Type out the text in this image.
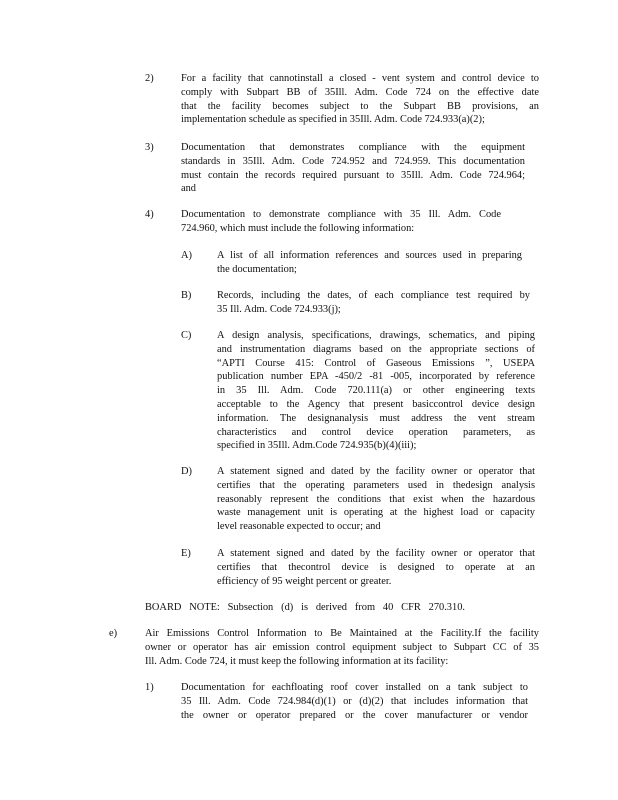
2)	For a facility that cannotinstall a closed - vent system and control device to
comply with Subpart BB of 35Ill. Adm. Code 724 on the effective date
that the facility becomes subject to the Subpart BB provisions, an
implementation schedule as specified in 35Ill. Adm. Code 724.933(a)(2);
3)	Documentation that demonstrates compliance with the equipment
standards in 35Ill. Adm. Code 724.952 and 724.959. This documentation
must contain the records required pursuant to 35Ill. Adm. Code 724.964;
and
4)	Documentation to demonstrate compliance with 35 Ill. Adm. Code
724.960, which must include the following information:
A) A list of all information references and sources used in preparing
the documentation;
B) Records, including the dates, of each compliance test required by
35 Ill. Adm. Code 724.933(j);
C) A design analysis, specifications, drawings, schematics, and piping
and instrumentation diagrams based on the appropriate sections of
“APTI Course 415: Control of Gaseous Emissions ”, USEPA
publication number EPA -450/2 -81 -005, incorporated by reference
in 35 Ill. Adm. Code 720.111(a) or other engineering texts
acceptable to the Agency that present basiccontrol device design
information. The designanalysis must address the vent stream
characteristics and control device operation parameters, as
specified in 35Ill. Adm.Code 724.935(b)(4)(iii);
D) A statement signed and dated by the facility owner or operator that
certifies that the operating parameters used in thedesign analysis
reasonably represent the conditions that exist when the hazardous
waste management unit is operating at the highest load or capacity
level reasonable expected to occur; and
E)	A statement signed and dated by the facility owner or operator that
certifies that thecontrol device is designed to operate at an
efficiency of 95 weight percent or greater.
BOARD NOTE: Subsection (d) is derived from 40 CFR 270.310.
e)	Air Emissions Control Information to Be Maintained at the Facility.If the facility
owner or operator has air emission control equipment subject to Subpart CC of 35
Ill. Adm. Code 724, it must keep the following information at its facility:
1)	Documentation for eachfloating roof cover installed on a tank subject to
35 Ill. Adm. Code 724.984(d)(1) or (d)(2) that includes information that
the owner or operator prepared or the cover manufacturer or vendor
